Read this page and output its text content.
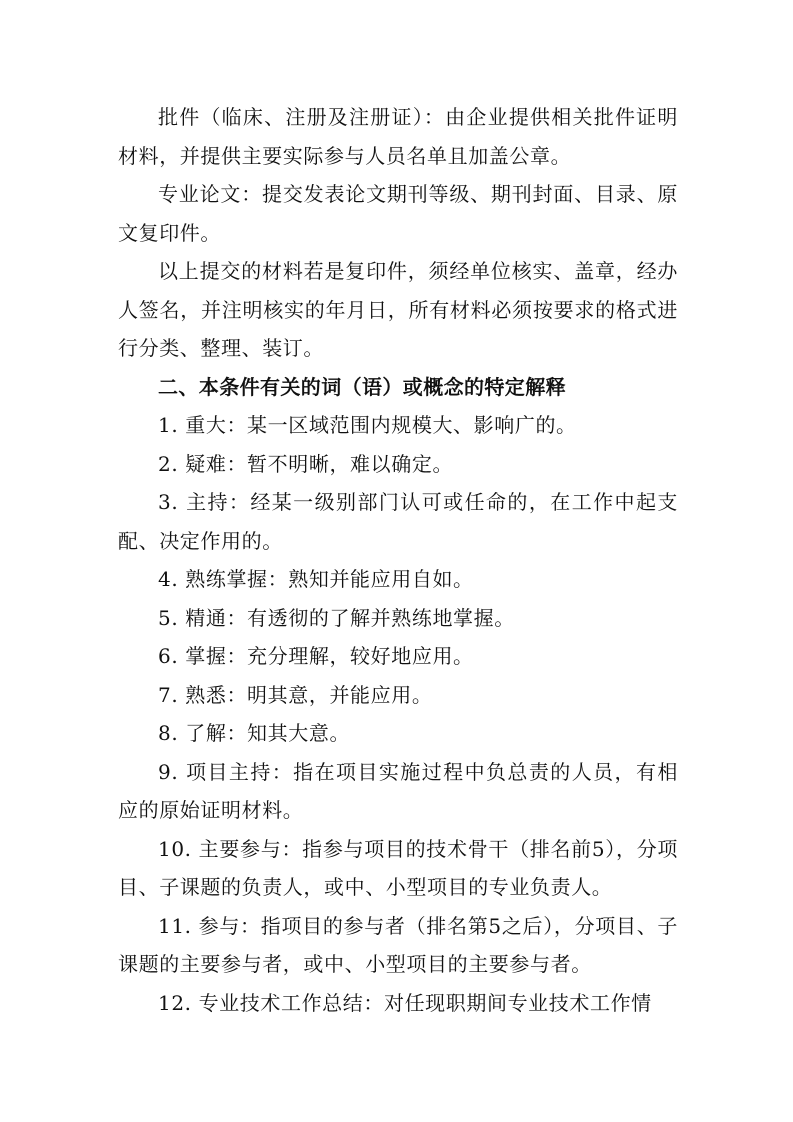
批件（临床、注册及注册证）：由企业提供相关批件证明材料，并提供主要实际参与人员名单且加盖公章。

专业论文：提交发表论文期刊等级、期刊封面、目录、原文复印件。

以上提交的材料若是复印件，须经单位核实、盖章，经办人签名，并注明核实的年月日，所有材料必须按要求的格式进行分类、整理、装订。

二、本条件有关的词（语）或概念的特定解释

1. 重大：某一区域范围内规模大、影响广的。

2. 疑难：暂不明晰，难以确定。

3. 主持：经某一级别部门认可或任命的，在工作中起支配、决定作用的。

4. 熟练掌握：熟知并能应用自如。

5. 精通：有透彻的了解并熟练地掌握。

6. 掌握：充分理解，较好地应用。

7. 熟悉：明其意，并能应用。

8. 了解：知其大意。

9. 项目主持：指在项目实施过程中负总责的人员，有相应的原始证明材料。

10. 主要参与：指参与项目的技术骨干（排名前5），分项目、子课题的负责人，或中、小型项目的专业负责人。

11. 参与：指项目的参与者（排名第5之后），分项目、子课题的主要参与者，或中、小型项目的主要参与者。

12. 专业技术工作总结：对任现职期间专业技术工作情
